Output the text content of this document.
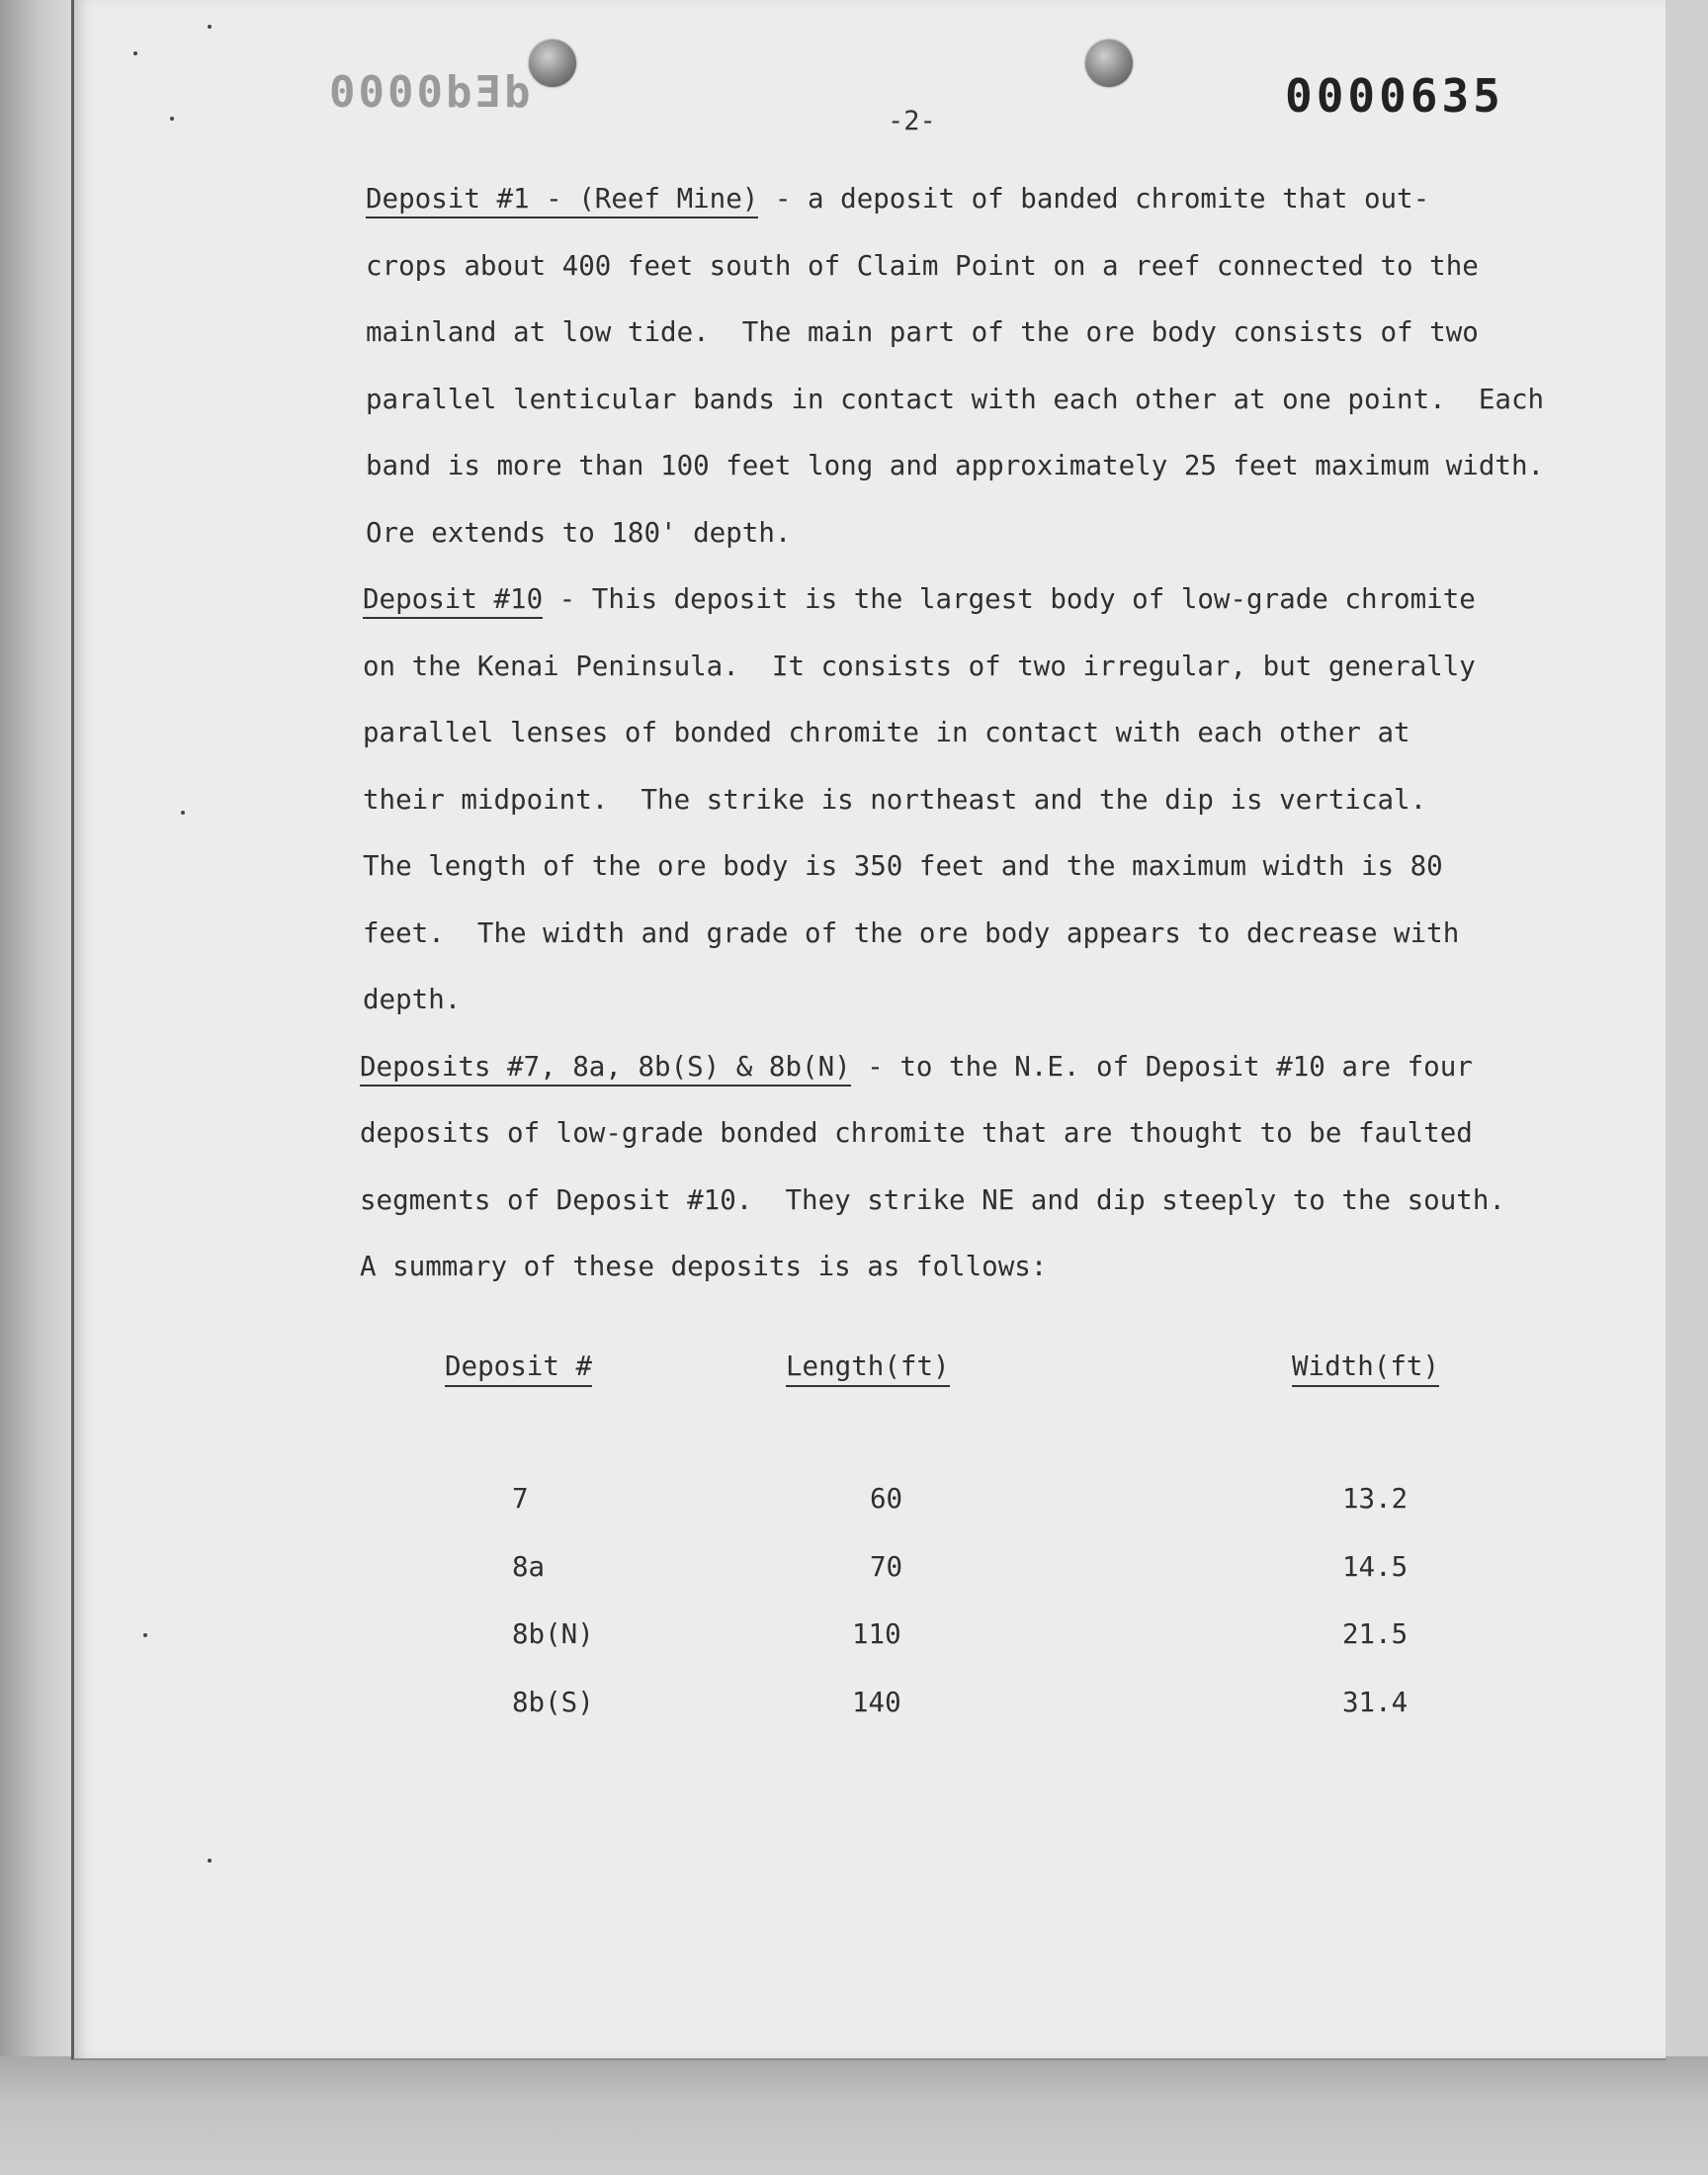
dEd0000	0000635
-2-
Deposit #1 - (Reef Mine) - a deposit of banded chromite that out-
crops about 400 feet south of Claim Point on a reef connected to the
mainland at low tide.  The main part of the ore body consists of two
parallel lenticular bands in contact with each other at one point.  Each
band is more than 100 feet long and approximately 25 feet maximum width.
Ore extends to 180' depth.
Deposit #10 - This deposit is the largest body of low-grade chromite
on the Kenai Peninsula.  It consists of two irregular, but generally
parallel lenses of bonded chromite in contact with each other at
their midpoint.  The strike is northeast and the dip is vertical.
The length of the ore body is 350 feet and the maximum width is 80
feet.  The width and grade of the ore body appears to decrease with
depth.
Deposits #7, 8a, 8b(S) & 8b(N) - to the N.E. of Deposit #10 are four
deposits of low-grade bonded chromite that are thought to be faulted
segments of Deposit #10.  They strike NE and dip steeply to the south.
A summary of these deposits is as follows:
Deposit #	Length(ft)	Width(ft)
7	60	13.2
8a	70	14.5
8b(N)	110	21.5
8b(S)	140	31.4
